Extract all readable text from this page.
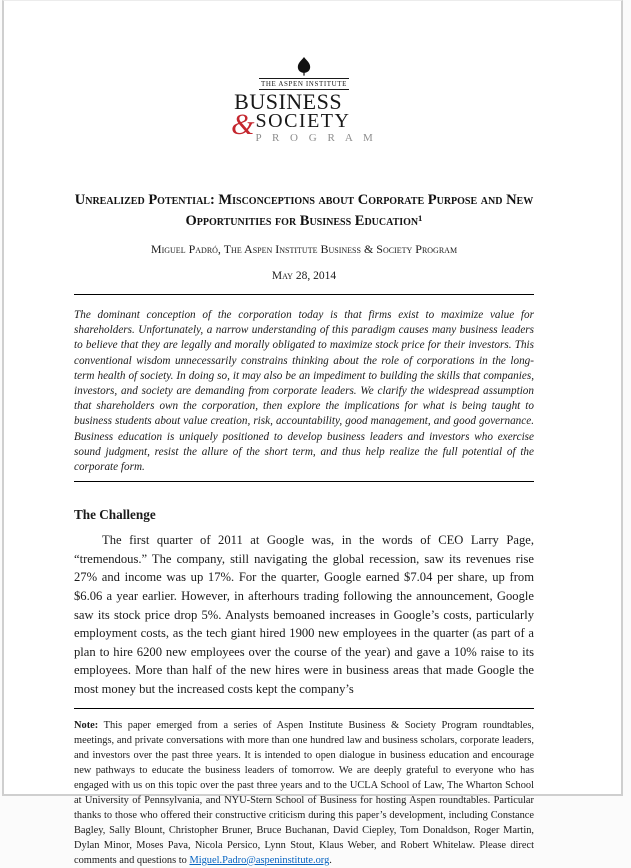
THE ASPEN INSTITUTE
BUSINESS
& SOCIETY
P R O G R A M
Unrealized Potential: Misconceptions about Corporate Purpose and New Opportunities for Business Education¹
Miguel Padró, The Aspen Institute Business & Society Program
May 28, 2014
The dominant conception of the corporation today is that firms exist to maximize value for shareholders. Unfortunately, a narrow understanding of this paradigm causes many business leaders to believe that they are legally and morally obligated to maximize stock price for their investors. This conventional wisdom unnecessarily constrains thinking about the role of corporations in the long-term health of society. In doing so, it may also be an impediment to building the skills that companies, investors, and society are demanding from corporate leaders. We clarify the widespread assumption that shareholders own the corporation, then explore the implications for what is being taught to business students about value creation, risk, accountability, good management, and good governance. Business education is uniquely positioned to develop business leaders and investors who exercise sound judgment, resist the allure of the short term, and thus help realize the full potential of the corporate form.
The Challenge
The first quarter of 2011 at Google was, in the words of CEO Larry Page, “tremendous.” The company, still navigating the global recession, saw its revenues rise 27% and income was up 17%. For the quarter, Google earned $7.04 per share, up from $6.06 a year earlier. However, in afterhours trading following the announcement, Google saw its stock price drop 5%. Analysts bemoaned increases in Google’s costs, particularly employment costs, as the tech giant hired 1900 new employees in the quarter (as part of a plan to hire 6200 new employees over the course of the year) and gave a 10% raise to its employees. More than half of the new hires were in business areas that made Google the most money but the increased costs kept the company’s
Note: This paper emerged from a series of Aspen Institute Business & Society Program roundtables, meetings, and private conversations with more than one hundred law and business scholars, corporate leaders, and investors over the past three years. It is intended to open dialogue in business education and encourage new pathways to educate the business leaders of tomorrow. We are deeply grateful to everyone who has engaged with us on this topic over the past three years and to the UCLA School of Law, The Wharton School at University of Pennsylvania, and NYU-Stern School of Business for hosting Aspen roundtables. Particular thanks to those who offered their constructive criticism during this paper’s development, including Constance Bagley, Sally Blount, Christopher Bruner, Bruce Buchanan, David Ciepley, Tom Donaldson, Roger Martin, Dylan Minor, Moses Pava, Nicola Persico, Lynn Stout, Klaus Weber, and Robert Whitelaw. Please direct comments and questions to Miguel.Padro@aspeninstitute.org.
